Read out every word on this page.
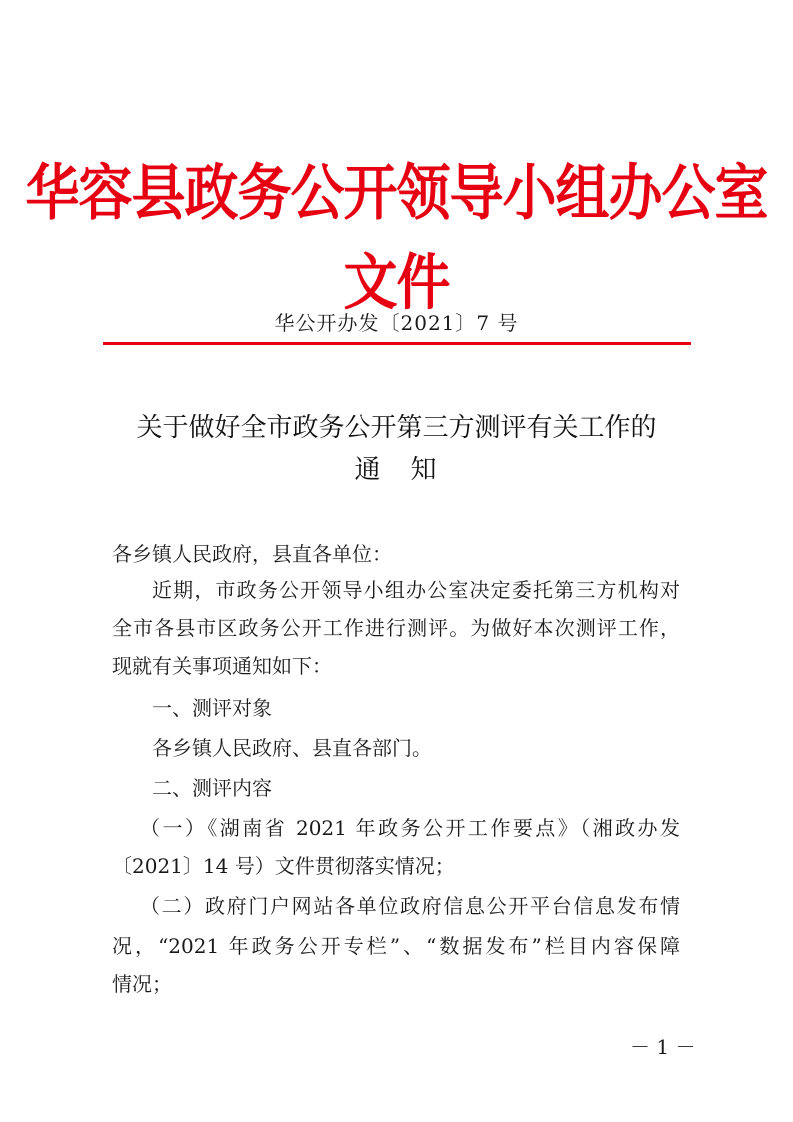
华容县政务公开领导小组办公室文件
华公开办发〔2021〕7 号
关于做好全市政务公开第三方测评有关工作的
通　知
各乡镇人民政府，县直各单位：
近期，市政务公开领导小组办公室决定委托第三方机构对
全市各县市区政务公开工作进行测评。为做好本次测评工作，
现就有关事项通知如下：
一、测评对象
各乡镇人民政府、县直各部门。
二、测评内容
（一）《湖南省 2021 年政务公开工作要点》（湘政办发
〔2021〕14 号）文件贯彻落实情况；
（二）政府门户网站各单位政府信息公开平台信息发布情
况，“2021 年政务公开专栏”、“数据发布”栏目内容保障
情况；
－ 1 －
